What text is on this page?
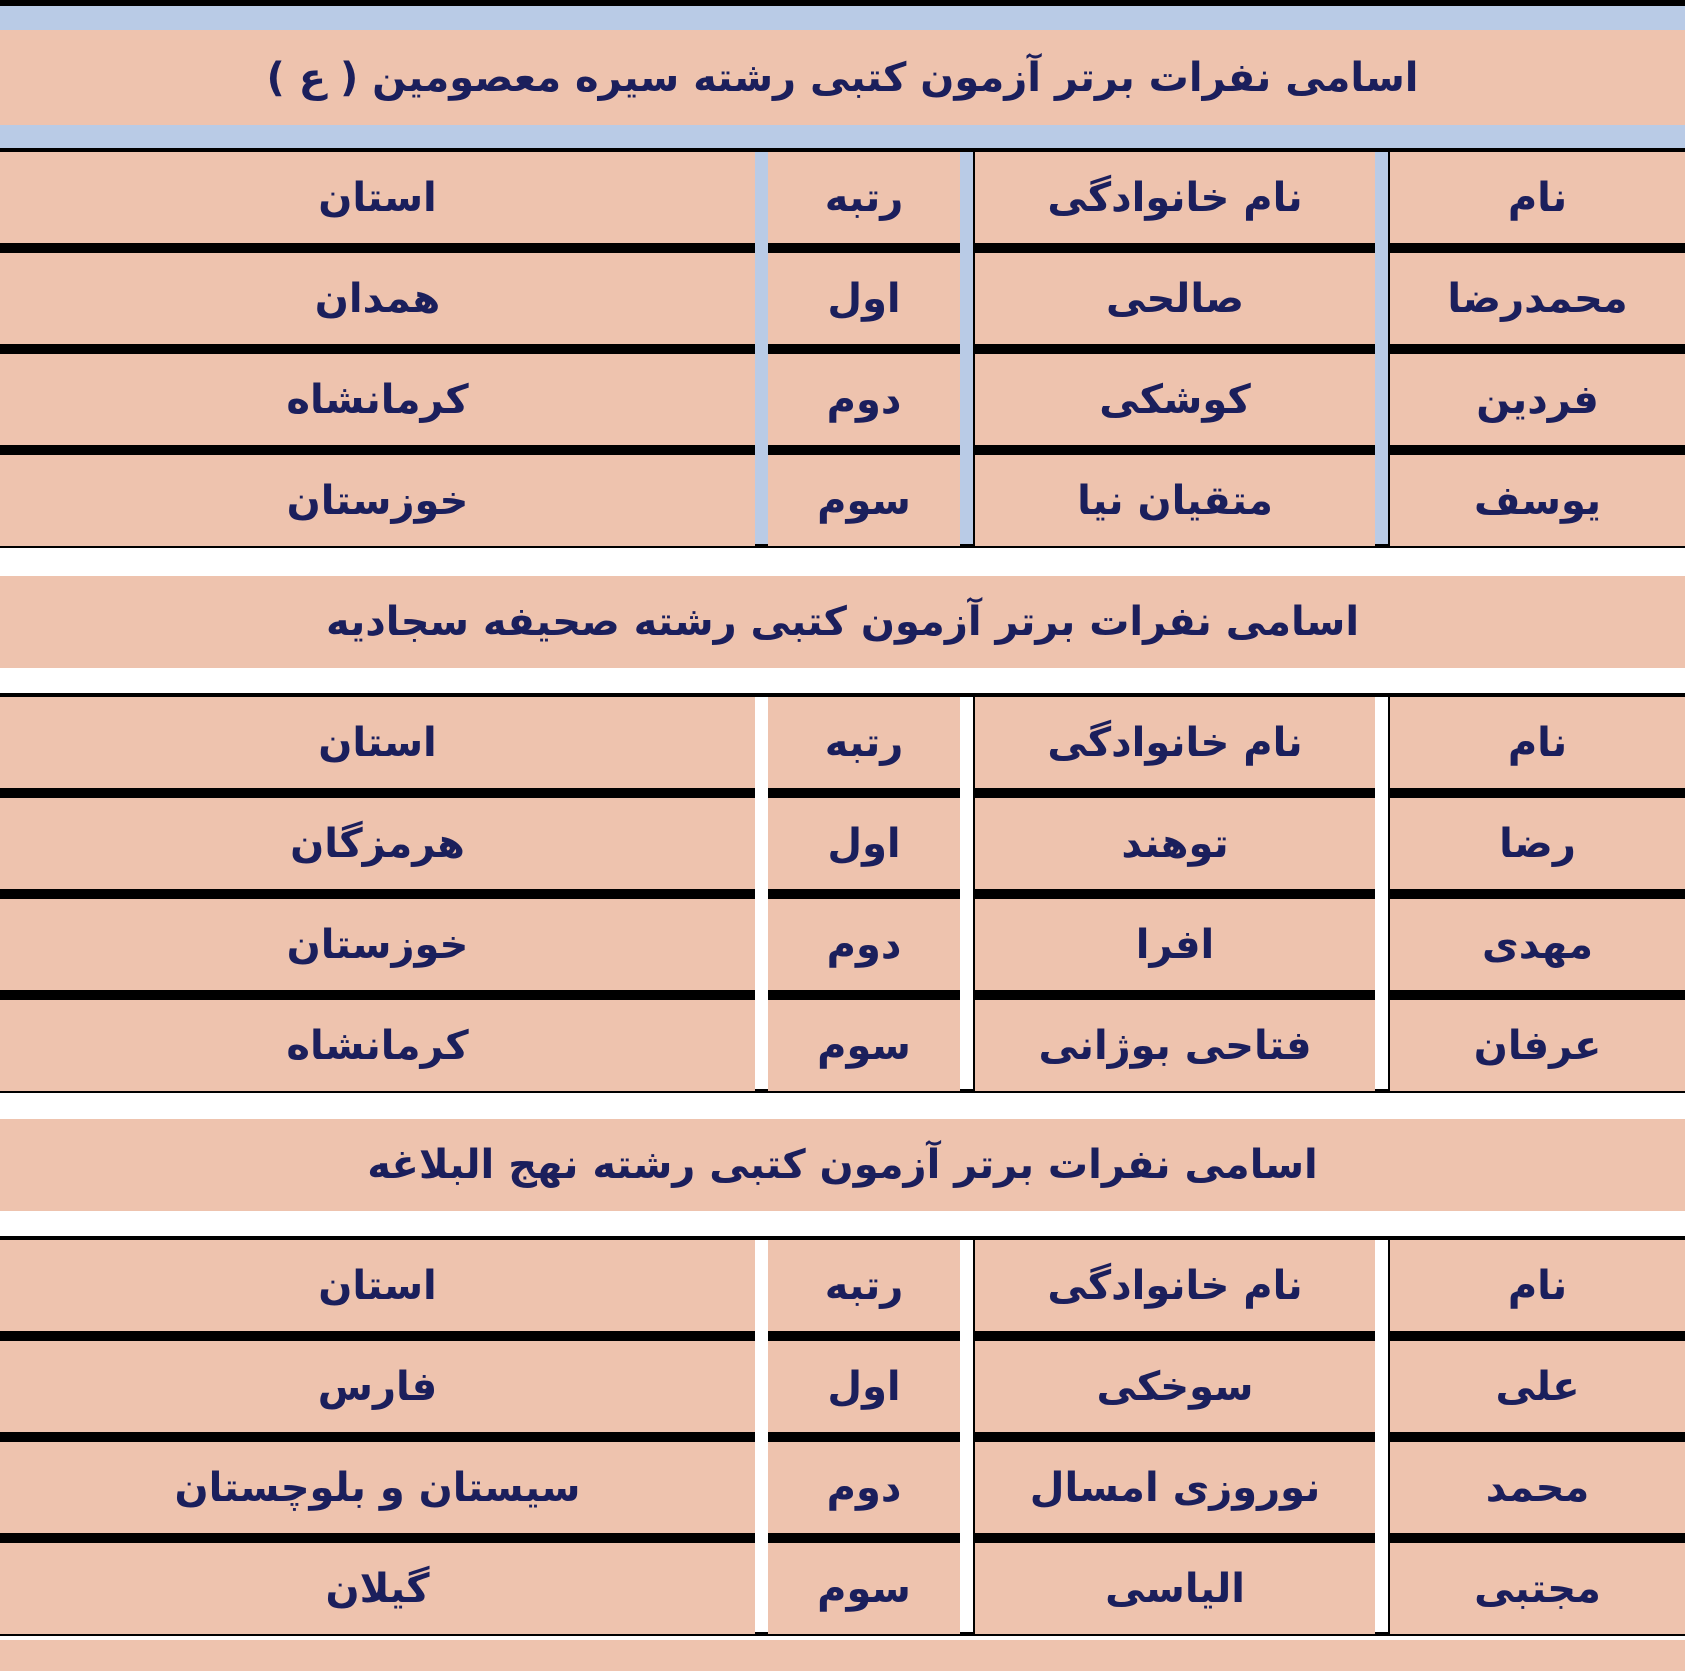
اسامی نفرات برتر آزمون کتبی رشته سیره معصومین ( ع )
استان	رتبه	نام خانوادگی	نام
همدان	اول	صالحی	محمدرضا
کرمانشاه	دوم	کوشکی	فردین
خوزستان	سوم	متقیان نیا	یوسف
اسامی نفرات برتر آزمون کتبی رشته صحیفه سجادیه
استان	رتبه	نام خانوادگی	نام
هرمزگان	اول	توهند	رضا
خوزستان	دوم	افرا	مهدی
کرمانشاه	سوم	فتاحی بوژانی	عرفان
اسامی نفرات برتر آزمون کتبی رشته نهج البلاغه
استان	رتبه	نام خانوادگی	نام
فارس	اول	سوخکی	علی
سیستان و بلوچستان	دوم	نوروزی امسال	محمد
گیلان	سوم	الیاسی	مجتبی
